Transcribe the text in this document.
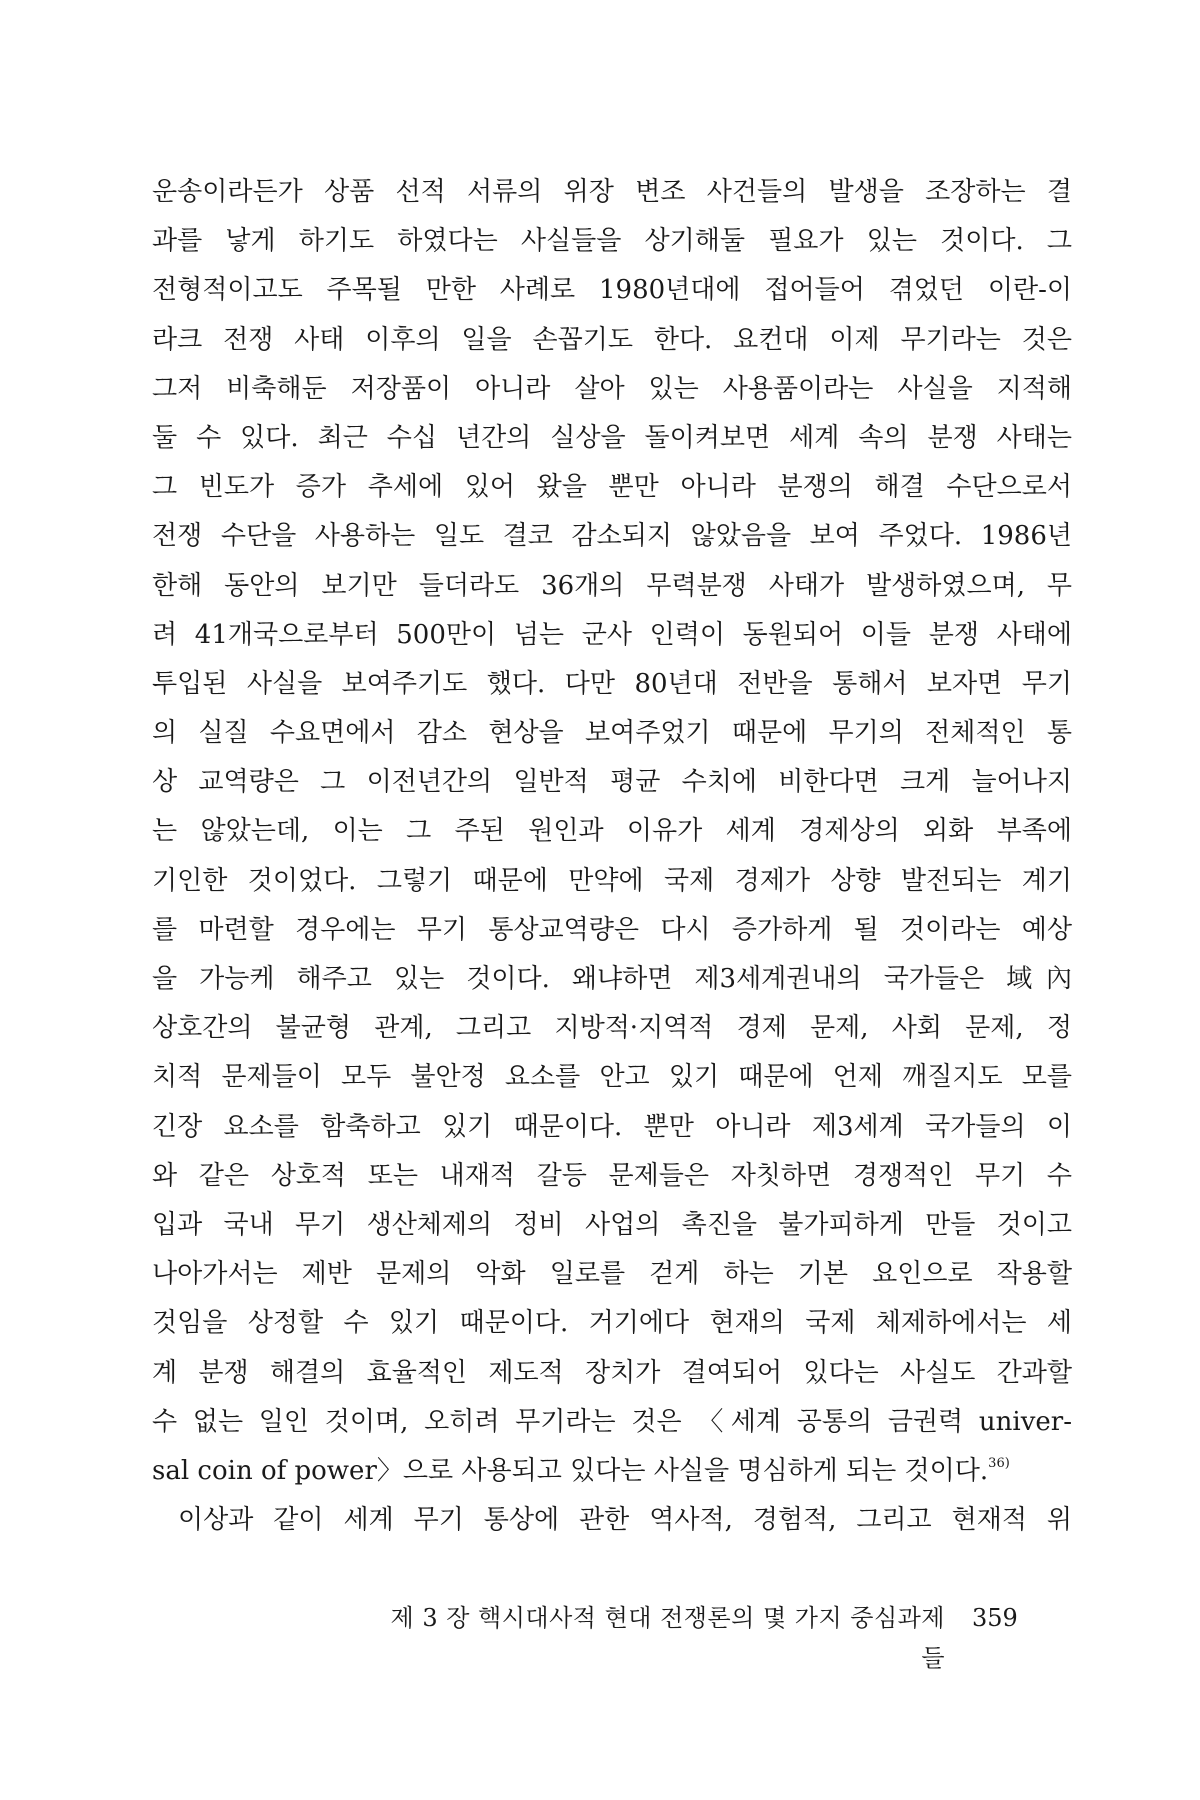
운송이라든가 상품 선적 서류의 위장 변조 사건들의 발생을 조장하는 결
과를 낳게 하기도 하였다는 사실들을 상기해둘 필요가 있는 것이다. 그
전형적이고도 주목될 만한 사례로 1980년대에 접어들어 겪었던 이란-이
라크 전쟁 사태 이후의 일을 손꼽기도 한다. 요컨대 이제 무기라는 것은
그저 비축해둔 저장품이 아니라 살아 있는 사용품이라는 사실을 지적해
둘 수 있다. 최근 수십 년간의 실상을 돌이켜보면 세계 속의 분쟁 사태는
그 빈도가 증가 추세에 있어 왔을 뿐만 아니라 분쟁의 해결 수단으로서
전쟁 수단을 사용하는 일도 결코 감소되지 않았음을 보여 주었다. 1986년
한해 동안의 보기만 들더라도 36개의 무력분쟁 사태가 발생하였으며, 무
려 41개국으로부터 500만이 넘는 군사 인력이 동원되어 이들 분쟁 사태에
투입된 사실을 보여주기도 했다. 다만 80년대 전반을 통해서 보자면 무기
의 실질 수요면에서 감소 현상을 보여주었기 때문에 무기의 전체적인 통
상 교역량은 그 이전년간의 일반적 평균 수치에 비한다면 크게 늘어나지
는 않았는데, 이는 그 주된 원인과 이유가 세계 경제상의 외화 부족에
기인한 것이었다. 그렇기 때문에 만약에 국제 경제가 상향 발전되는 계기
를 마련할 경우에는 무기 통상교역량은 다시 증가하게 될 것이라는 예상
을 가능케 해주고 있는 것이다. 왜냐하면 제3세계권내의 국가들은 域內
상호간의 불균형 관계, 그리고 지방적·지역적 경제 문제, 사회 문제, 정
치적 문제들이 모두 불안정 요소를 안고 있기 때문에 언제 깨질지도 모를
긴장 요소를 함축하고 있기 때문이다. 뿐만 아니라 제3세계 국가들의 이
와 같은 상호적 또는 내재적 갈등 문제들은 자칫하면 경쟁적인 무기 수
입과 국내 무기 생산체제의 정비 사업의 촉진을 불가피하게 만들 것이고
나아가서는 제반 문제의 악화 일로를 걷게 하는 기본 요인으로 작용할
것임을 상정할 수 있기 때문이다. 거기에다 현재의 국제 체제하에서는 세
계 분쟁 해결의 효율적인 제도적 장치가 결여되어 있다는 사실도 간과할
수 없는 일인 것이며, 오히려 무기라는 것은 〈세계 공통의 금권력 univer-
sal coin of power〉으로 사용되고 있다는 사실을 명심하게 되는 것이다.$^{36)}$
이상과 같이 세계 무기 통상에 관한 역사적, 경험적, 그리고 현재적 위
제 3 장 핵시대사적 현대 전쟁론의 몇 가지 중심과제들
359
